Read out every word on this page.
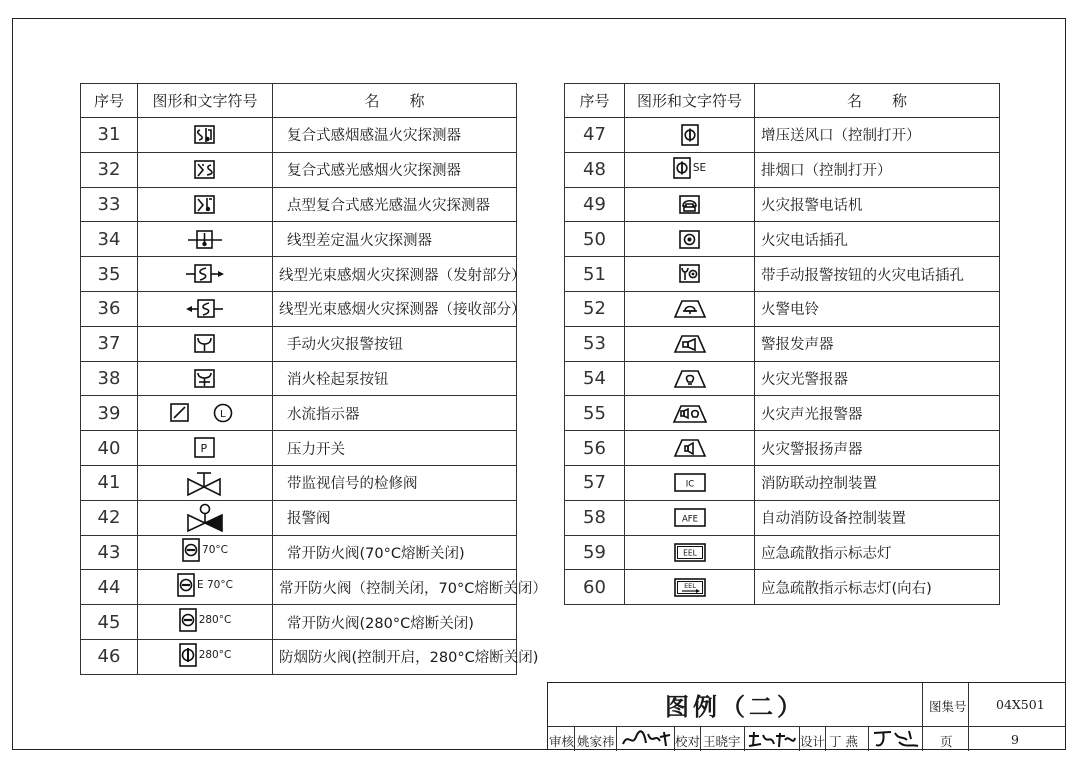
序号	图形和文字符号	名　　称
31		复合式感烟感温火灾探测器
32		复合式感光感烟火灾探测器
33		点型复合式感光感温火灾探测器
34		线型差定温火灾探测器
35		线型光束感烟火灾探测器（发射部分）
36		线型光束感烟火灾探测器（接收部分）
37		手动火灾报警按钮
38		消火栓起泵按钮
39	L	水流指示器
40	P	压力开关
41		带监视信号的检修阀
42		报警阀
43	70°C	常开防火阀(70°C熔断关闭)
44	E 70°C	常开防火阀（控制关闭，70°C熔断关闭）
45	280°C	常开防火阀(280°C熔断关闭)
46	280°C	防烟防火阀(控制开启，280°C熔断关闭)
序号	图形和文字符号	名　　称
47		增压送风口（控制打开）
48	SE	排烟口（控制打开）
49		火灾报警电话机
50		火灾电话插孔
51		带手动报警按钮的火灾电话插孔
52		火警电铃
53		警报发声器
54		火灾光警报器
55		火灾声光报警器
56		火灾警报扬声器
57	IC	消防联动控制装置
58	AFE	自动消防设备控制装置
59	EEL	应急疏散指示标志灯
60	EEL	应急疏散指示标志灯(向右)
图例（二）	图集号 04X501
页	9
审核 姚家祎	校对 王晓宇	设计 丁 燕
